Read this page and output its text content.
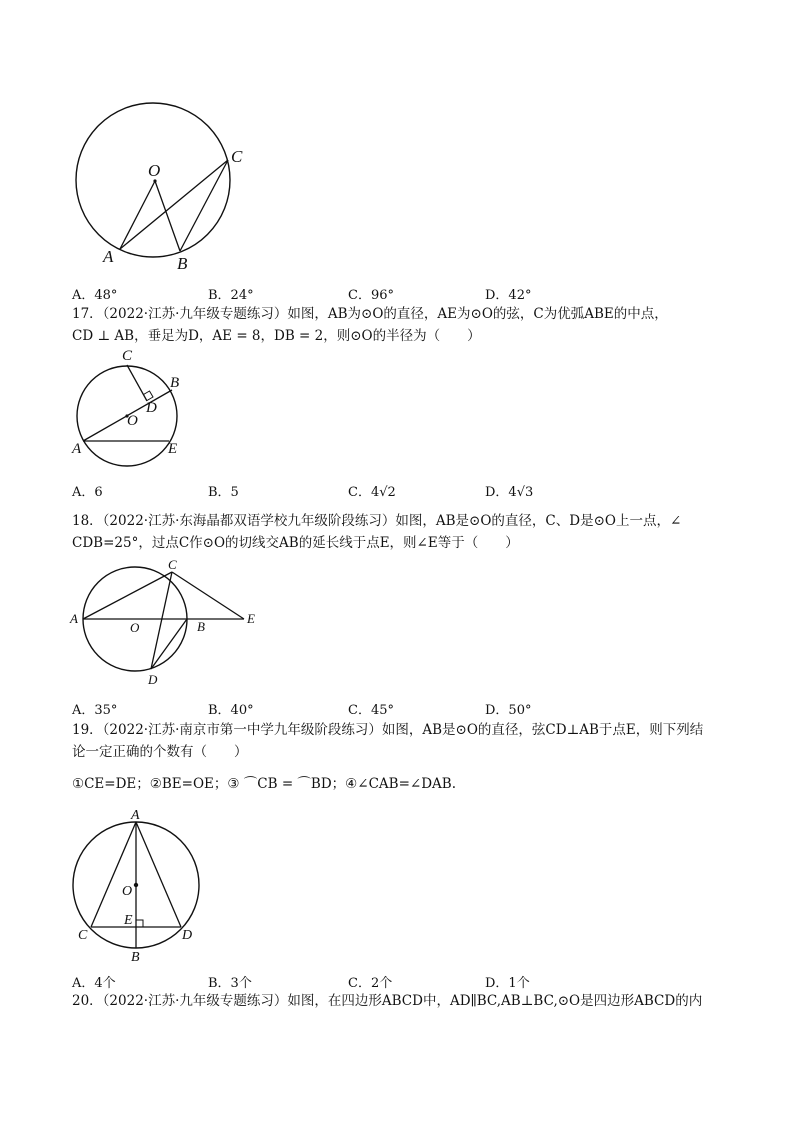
O
C
A	B
A．48°	B．24°	C．96°	D．42°
17．（2022·江苏·九年级专题练习）如图，AB为⊙O的直径，AE为⊙O的弦，C为优弧ABE的中点，
CD ⊥ AB，垂足为D，AE = 8，DB = 2，则⊙O的半径为（　　）
C
B
D
O
A	E
A．6	B．5	C．4√2	D．4√3
18．（2022·江苏·东海晶都双语学校九年级阶段练习）如图，AB是⊙O的直径，C、D是⊙O上一点，∠
CDB=25°，过点C作⊙O的切线交AB的延长线于点E，则∠E等于（　　）
C
A
O	B
E
D
A．35°	B．40°	C．45°	D．50°
19．（2022·江苏·南京市第一中学九年级阶段练习）如图，AB是⊙O的直径，弦CD⊥AB于点E，则下列结
论一定正确的个数有（　　）
①CE=DE；②BE=OE；③ ⌒CB = ⌒BD；④∠CAB=∠DAB.
A
O
E
C	D
B
A．4个	B．3个	C．2个	D．1个
20．（2022·江苏·九年级专题练习）如图，在四边形ABCD中，AD∥BC,AB⊥BC,⊙O是四边形ABCD的内
